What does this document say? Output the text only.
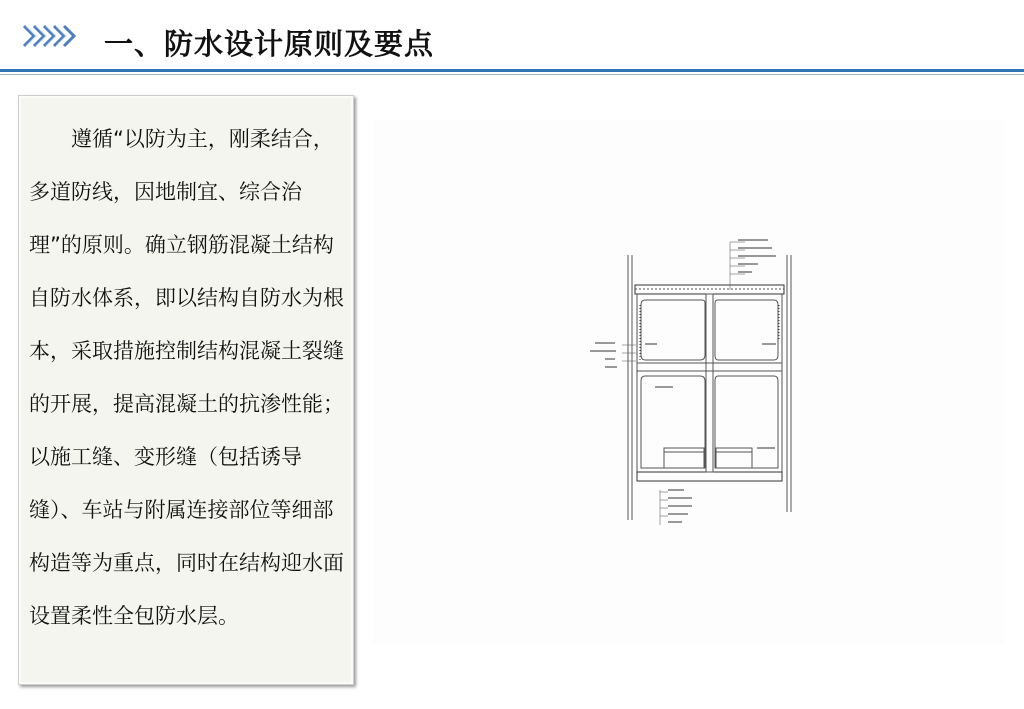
一、防水设计原则及要点
遵循“以防为主，刚柔结合，多道防线，因地制宜、综合治理”的原则。确立钢筋混凝土结构自防水体系，即以结构自防水为根本，采取措施控制结构混凝土裂缝的开展，提高混凝土的抗渗性能；以施工缝、变形缝（包括诱导缝）、车站与附属连接部位等细部构造等为重点，同时在结构迎水面设置柔性全包防水层。
